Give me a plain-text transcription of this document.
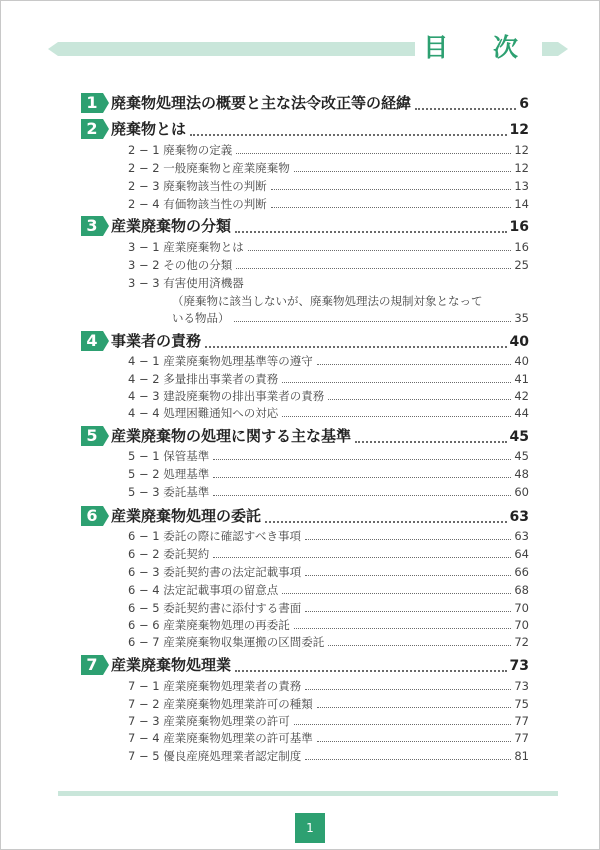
目 次
1 廃棄物処理法の概要と主な法令改正等の経緯	6
2 廃棄物とは	12
2 − 1 廃棄物の定義	12
2 − 2 一般廃棄物と産業廃棄物	12
2 − 3 廃棄物該当性の判断	13
2 − 4 有価物該当性の判断	14
3 産業廃棄物の分類	16
3 − 1 産業廃棄物とは	16
3 − 2 その他の分類	25
3 − 3 有害使用済機器
（廃棄物に該当しないが、廃棄物処理法の規制対象となって
いる物品）	35
4 事業者の責務	40
4 − 1 産業廃棄物処理基準等の遵守	40
4 − 2 多量排出事業者の責務	41
4 − 3 建設廃棄物の排出事業者の責務	42
4 − 4 処理困難通知への対応	44
5 産業廃棄物の処理に関する主な基準	45
5 − 1 保管基準	45
5 − 2 処理基準	48
5 − 3 委託基準	60
6 産業廃棄物処理の委託	63
6 − 1 委託の際に確認すべき事項	63
6 − 2 委託契約	64
6 − 3 委託契約書の法定記載事項	66
6 − 4 法定記載事項の留意点	68
6 − 5 委託契約書に添付する書面	70
6 − 6 産業廃棄物処理の再委託	70
6 − 7 産業廃棄物収集運搬の区間委託	72
7 産業廃棄物処理業	73
7 − 1 産業廃棄物処理業者の責務	73
7 − 2 産業廃棄物処理業許可の種類	75
7 − 3 産業廃棄物処理業の許可	77
7 − 4 産業廃棄物処理業の許可基準	77
7 − 5 優良産廃処理業者認定制度	81
1
